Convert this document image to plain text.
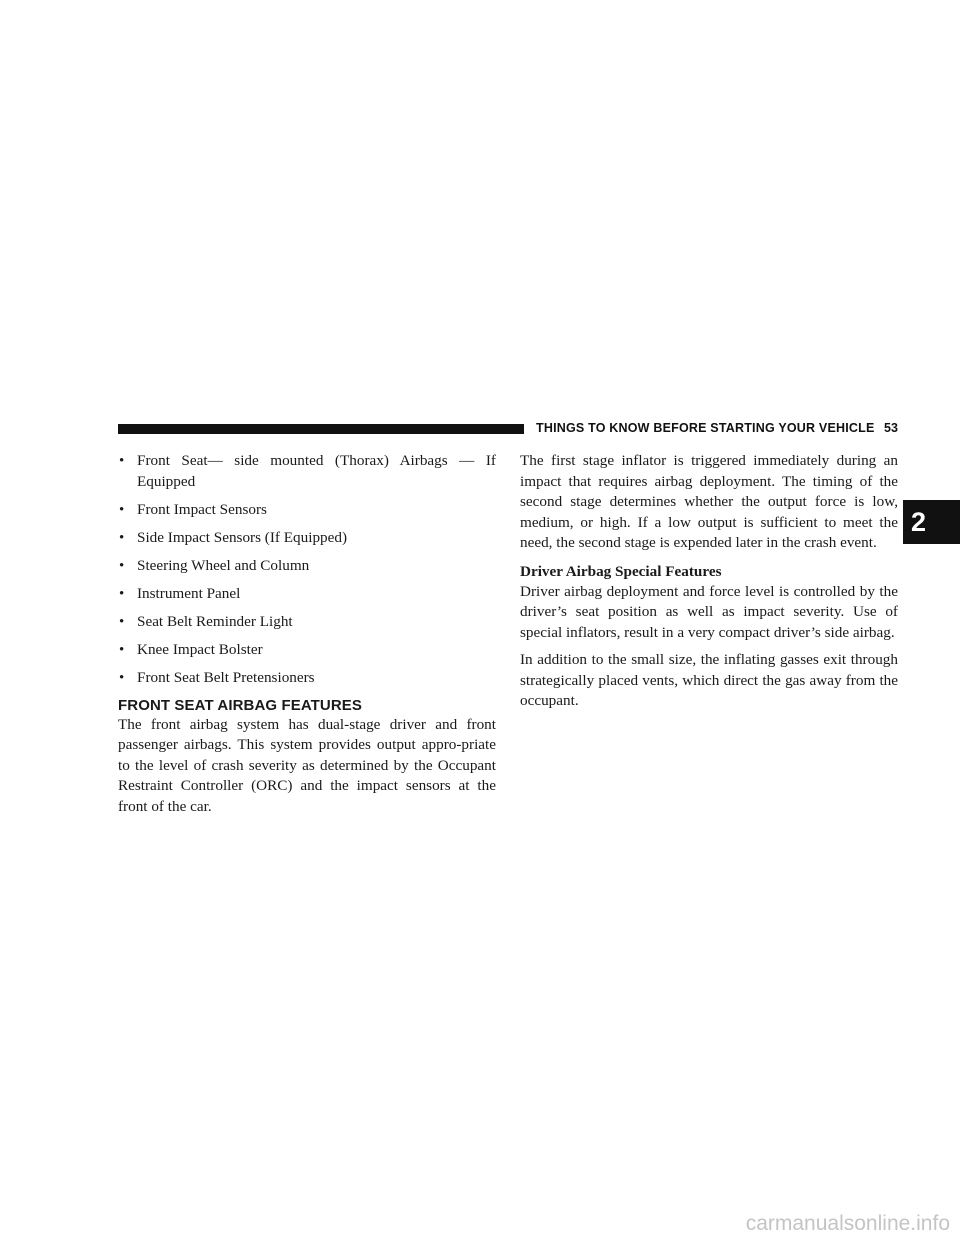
THINGS TO KNOW BEFORE STARTING YOUR VEHICLE 53
2
• Front Seat— side mounted (Thorax) Airbags — If Equipped
• Front Impact Sensors
• Side Impact Sensors (If Equipped)
• Steering Wheel and Column
• Instrument Panel
• Seat Belt Reminder Light
• Knee Impact Bolster
• Front Seat Belt Pretensioners
FRONT SEAT AIRBAG FEATURES

The front airbag system has dual-stage driver and front passenger airbags. This system provides output appro-priate to the level of crash severity as determined by the Occupant Restraint Controller (ORC) and the impact sensors at the front of the car.

The first stage inflator is triggered immediately during an impact that requires airbag deployment. The timing of the second stage determines whether the output force is low, medium, or high. If a low output is sufficient to meet the need, the second stage is expended later in the crash event.

Driver Airbag Special Features

Driver airbag deployment and force level is controlled by the driver’s seat position as well as impact severity. Use of special inflators, result in a very compact driver’s side airbag.

In addition to the small size, the inflating gasses exit through strategically placed vents, which direct the gas away from the occupant.

carmanualsonline.info
